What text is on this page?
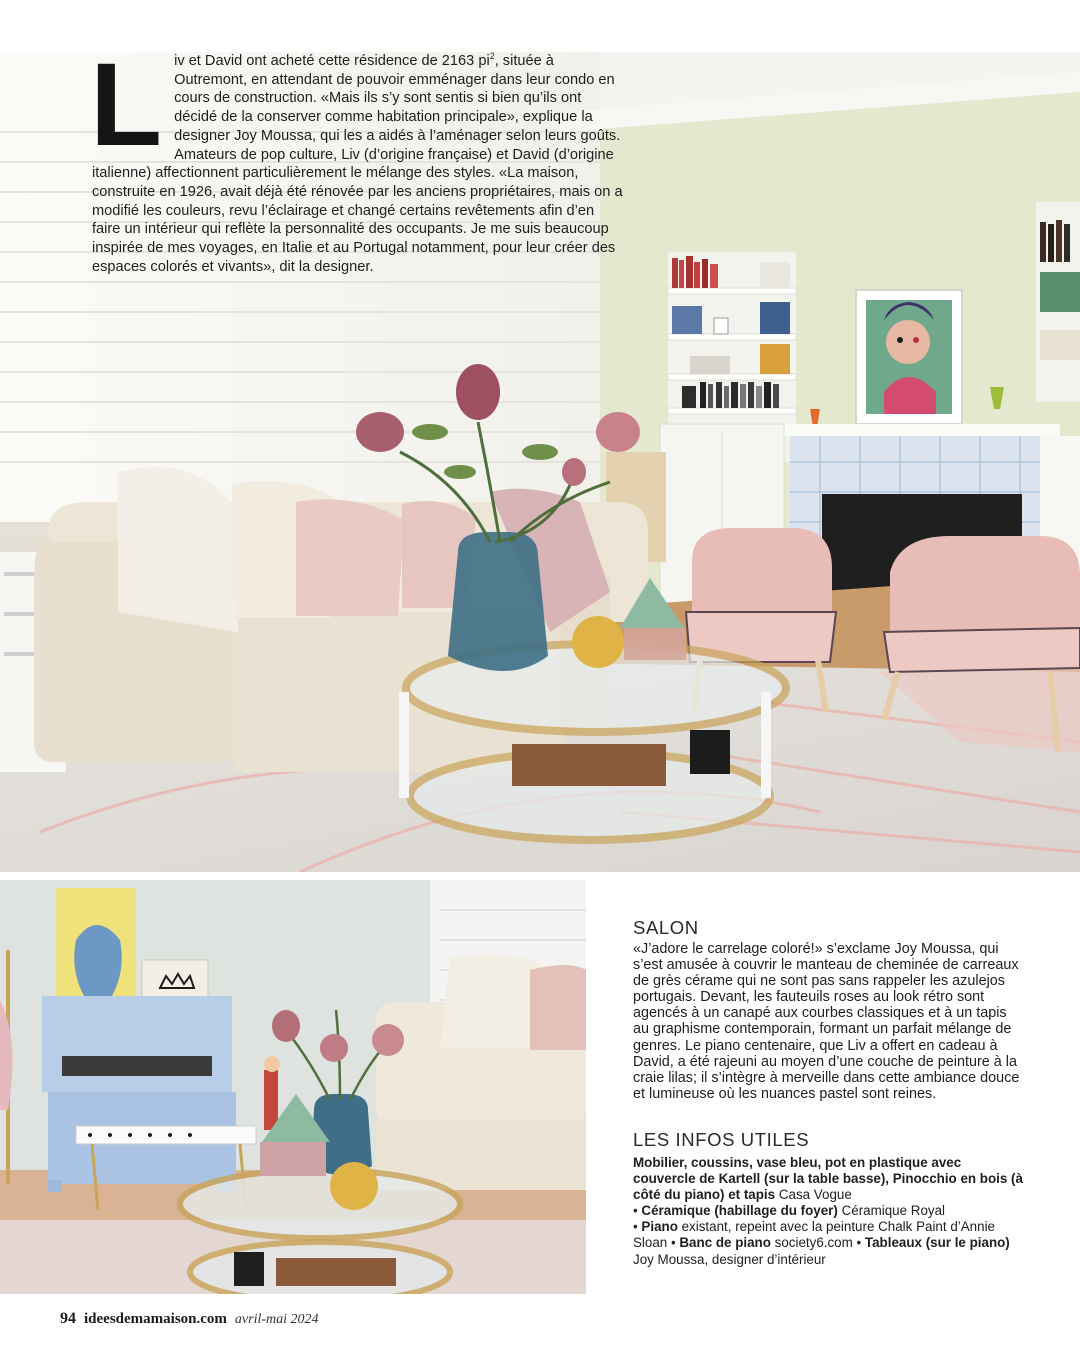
Liv et David ont acheté cette résidence de 2163 $pi^2$, située à Outremont, en attendant de pouvoir emménager dans leur condo en cours de construction. «Mais ils s’y sont sentis si bien qu’ils ont décidé de la conserver comme habitation principale», explique la designer Joy Moussa, qui les a aidés à l’aménager selon leurs goûts. Amateurs de pop culture, Liv (d’origine française) et David (d’origine italienne) affectionnent particulièrement le mélange des styles. «La maison, construite en 1926, avait déjà été rénovée par les anciens propriétaires, mais on a modifié les couleurs, revu l’éclairage et changé certains revêtements afin d’en faire un intérieur qui reflète la personnalité des occupants. Je me suis beaucoup inspirée de mes voyages, en Italie et au Portugal notamment, pour leur créer des espaces colorés et vivants», dit la designer.
SALON

«J’adore le carrelage coloré!» s’exclame Joy Moussa, qui s’est amusée à couvrir le manteau de cheminée de carreaux de grès cérame qui ne sont pas sans rappeler les azulejos portugais. Devant, les fauteuils roses au look rétro sont agencés à un canapé aux courbes classiques et à un tapis au graphisme contemporain, formant un parfait mélange de genres. Le piano centenaire, que Liv a offert en cadeau à David, a été rajeuni au moyen d’une couche de peinture à la craie lilas; il s’intègre à merveille dans cette ambiance douce et lumineuse où les nuances pastel sont reines.

LES INFOS UTILES

Mobilier, coussins, vase bleu, pot en plastique avec couvercle de Kartell (sur la table basse), Pinocchio en bois (à côté du piano) et tapis Casa Vogue
• Céramique (habillage du foyer) Céramique Royal
• Piano existant, repeint avec la peinture Chalk Paint d’Annie Sloan • Banc de piano society6.com • Tableaux (sur le piano) Joy Moussa, designer d’intérieur

94 ideesdemamaison.com avril-mai 2024
